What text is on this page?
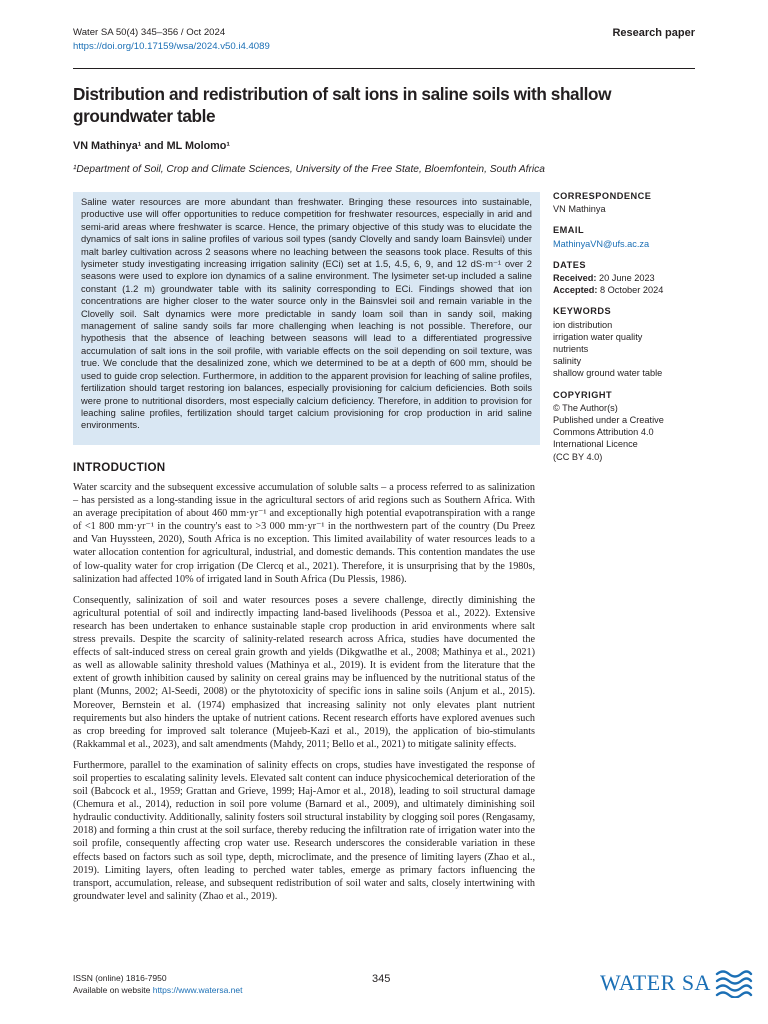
Water SA 50(4) 345–356 / Oct 2024
https://doi.org/10.17159/wsa/2024.v50.i4.4089
Research paper
Distribution and redistribution of salt ions in saline soils with shallow groundwater table
VN Mathinya¹ and ML Molomo¹
¹Department of Soil, Crop and Climate Sciences, University of the Free State, Bloemfontein, South Africa
Saline water resources are more abundant than freshwater. Bringing these resources into sustainable, productive use will offer opportunities to reduce competition for freshwater resources, especially in arid and semi-arid areas where freshwater is scarce. Hence, the primary objective of this study was to elucidate the dynamics of salt ions in saline profiles of various soil types (sandy Clovelly and sandy loam Bainsvlei) under malt barley cultivation across 2 seasons where no leaching between the seasons took place. Results of this lysimeter study investigating increasing irrigation salinity (ECi) set at 1.5, 4.5, 6, 9, and 12 dS·m⁻¹ over 2 seasons were used to explore ion dynamics of a saline environment. The lysimeter set-up included a saline constant (1.2 m) groundwater table with its salinity corresponding to ECi. Findings showed that ion concentrations are higher closer to the water source only in the Bainsvlei soil and remain variable in the Clovelly soil. Salt dynamics were more predictable in sandy loam soil than in sandy soil, making management of saline sandy soils far more challenging when leaching is not possible. Therefore, our hypothesis that the absence of leaching between seasons will lead to a differentiated progressive accumulation of salt ions in the soil profile, with variable effects on the soil depending on soil texture, was true. We conclude that the desalinized zone, which we determined to be at a depth of 600 mm, should be used to guide crop selection. Furthermore, in addition to the apparent provision for leaching of saline profiles, fertilization should target restoring ion balances, especially provisioning for calcium deficiencies. Both soils were prone to nutritional disorders, most especially calcium deficiency. Therefore, in addition to provision for leaching saline profiles, fertilization should target calcium provisioning for crop production in arid saline environments.
CORRESPONDENCE
VN Mathinya
EMAIL
MathinyaVN@ufs.ac.za
DATES
Received: 20 June 2023
Accepted: 8 October 2024
KEYWORDS
ion distribution
irrigation water quality
nutrients
salinity
shallow ground water table
COPYRIGHT
© The Author(s)
Published under a Creative
Commons Attribution 4.0
International Licence
(CC BY 4.0)
INTRODUCTION

Water scarcity and the subsequent excessive accumulation of soluble salts – a process referred to as salinization – has persisted as a long-standing issue in the agricultural sectors of arid regions such as Southern Africa. With an average precipitation of about 460 mm·yr⁻¹ and exceptionally high potential evapotranspiration with a range of <1 800 mm·yr⁻¹ in the country's east to >3 000 mm·yr⁻¹ in the northwestern part of the country (Du Preez and Van Huyssteen, 2020), South Africa is no exception. This limited availability of water resources leads to a water allocation contention for agricultural, industrial, and domestic demands. This contention mandates the use of low-quality water for crop irrigation (De Clercq et al., 2021). Therefore, it is unsurprising that by the 1980s, salinization had affected 10% of irrigated land in South Africa (Du Plessis, 1986).

Consequently, salinization of soil and water resources poses a severe challenge, directly diminishing the agricultural potential of soil and indirectly impacting land-based livelihoods (Pessoa et al., 2022). Extensive research has been undertaken to enhance sustainable staple crop production in arid environments where salt stress prevails. Despite the scarcity of salinity-related research across Africa, studies have documented the effects of salt-induced stress on cereal grain growth and yields (Dikgwatlhe et al., 2008; Mathinya et al., 2021) as well as allowable salinity threshold values (Mathinya et al., 2019). It is evident from the literature that the extent of growth inhibition caused by salinity on cereal grains may be influenced by the nutritional status of the plant (Munns, 2002; Al-Seedi, 2008) or the phytotoxicity of specific ions in saline soils (Anjum et al., 2015). Moreover, Bernstein et al. (1974) emphasized that increasing salinity not only elevates plant nutrient requirements but also hinders the uptake of nutrient cations. Recent research efforts have explored avenues such as crop breeding for improved salt tolerance (Mujeeb-Kazi et al., 2019), the application of bio-stimulants (Rakkammal et al., 2023), and salt amendments (Mahdy, 2011; Bello et al., 2021) to mitigate salinity effects.

Furthermore, parallel to the examination of salinity effects on crops, studies have investigated the response of soil properties to escalating salinity levels. Elevated salt content can induce physicochemical deterioration of the soil (Babcock et al., 1959; Grattan and Grieve, 1999; Haj-Amor et al., 2018), leading to soil structural damage (Chemura et al., 2014), reduction in soil pore volume (Barnard et al., 2009), and ultimately diminishing soil hydraulic conductivity. Additionally, salinity fosters soil structural instability by clogging soil pores (Rengasamy, 2018) and forming a thin crust at the soil surface, thereby reducing the infiltration rate of irrigation water into the soil profile, consequently affecting crop water use. Research underscores the considerable variation in these effects based on factors such as soil type, depth, microclimate, and the presence of limiting layers (Zhao et al., 2019). Limiting layers, often leading to perched water tables, emerge as primary factors influencing the transport, accumulation, release, and subsequent redistribution of soil water and salts, closely intertwining with groundwater level and salinity (Zhao et al., 2019).

ISSN (online) 1816-7950
Available on website https://www.watersa.net
345	WATER SA
